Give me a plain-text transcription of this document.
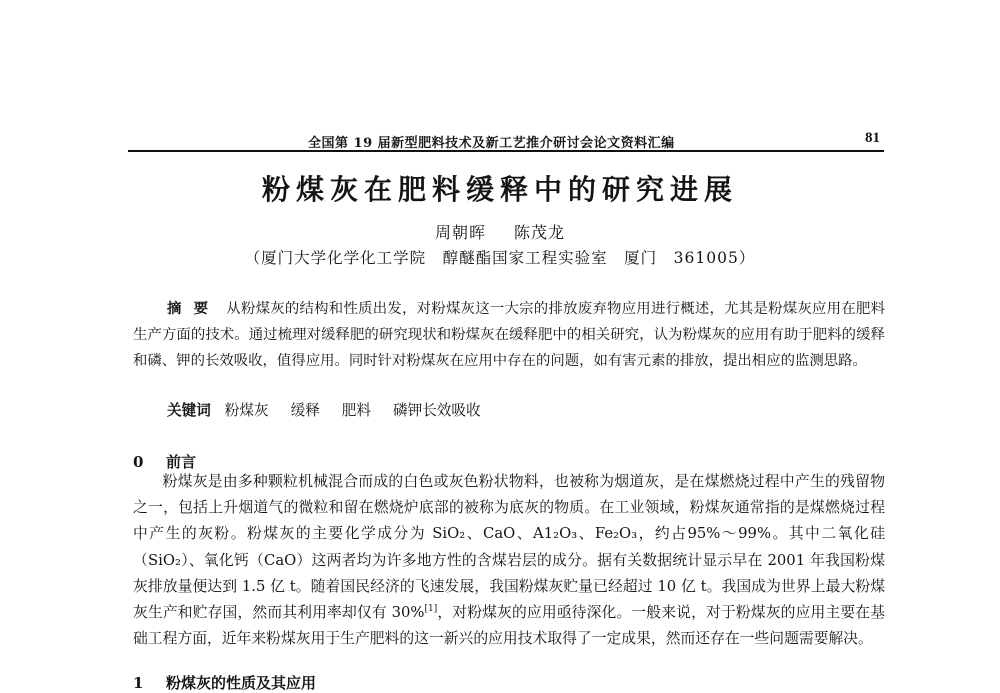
全国第 19 届新型肥料技术及新工艺推介研讨会论文资料汇编	81
粉煤灰在肥料缓释中的研究进展
周朝晖 陈茂龙
（厦门大学化学化工学院　醇醚酯国家工程实验室　厦门　361005）

摘要 从粉煤灰的结构和性质出发，对粉煤灰这一大宗的排放废弃物应用进行概述，尤其是粉煤灰应用在肥料生产方面的技术。通过梳理对缓释肥的研究现状和粉煤灰在缓释肥中的相关研究，认为粉煤灰的应用有助于肥料的缓释和磷、钾的长效吸收，值得应用。同时针对粉煤灰在应用中存在的问题，如有害元素的排放，提出相应的监测思路。

关键词 粉煤灰 缓释 肥料 磷钾长效吸收
0 前言

粉煤灰是由多种颗粒机械混合而成的白色或灰色粉状物料，也被称为烟道灰，是在煤燃烧过程中产生的残留物之一，包括上升烟道气的微粒和留在燃烧炉底部的被称为底灰的物质。在工业领域，粉煤灰通常指的是煤燃烧过程中产生的灰粉。粉煤灰的主要化学成分为 SiO₂、CaO、A1₂O₃、Fe₂O₃，约占95%～99%。其中二氧化硅（SiO₂）、氧化钙（CaO）这两者均为许多地方性的含煤岩层的成分。据有关数据统计显示早在 2001 年我国粉煤灰排放量便达到 1.5 亿 t。随着国民经济的飞速发展，我国粉煤灰贮量已经超过 10 亿 t。我国成为世界上最大粉煤灰生产和贮存国，然而其利用率却仅有 30%[1]，对粉煤灰的应用亟待深化。一般来说，对于粉煤灰的应用主要在基础工程方面，近年来粉煤灰用于生产肥料的这一新兴的应用技术取得了一定成果，然而还存在一些问题需要解决。

1 粉煤灰的性质及其应用
